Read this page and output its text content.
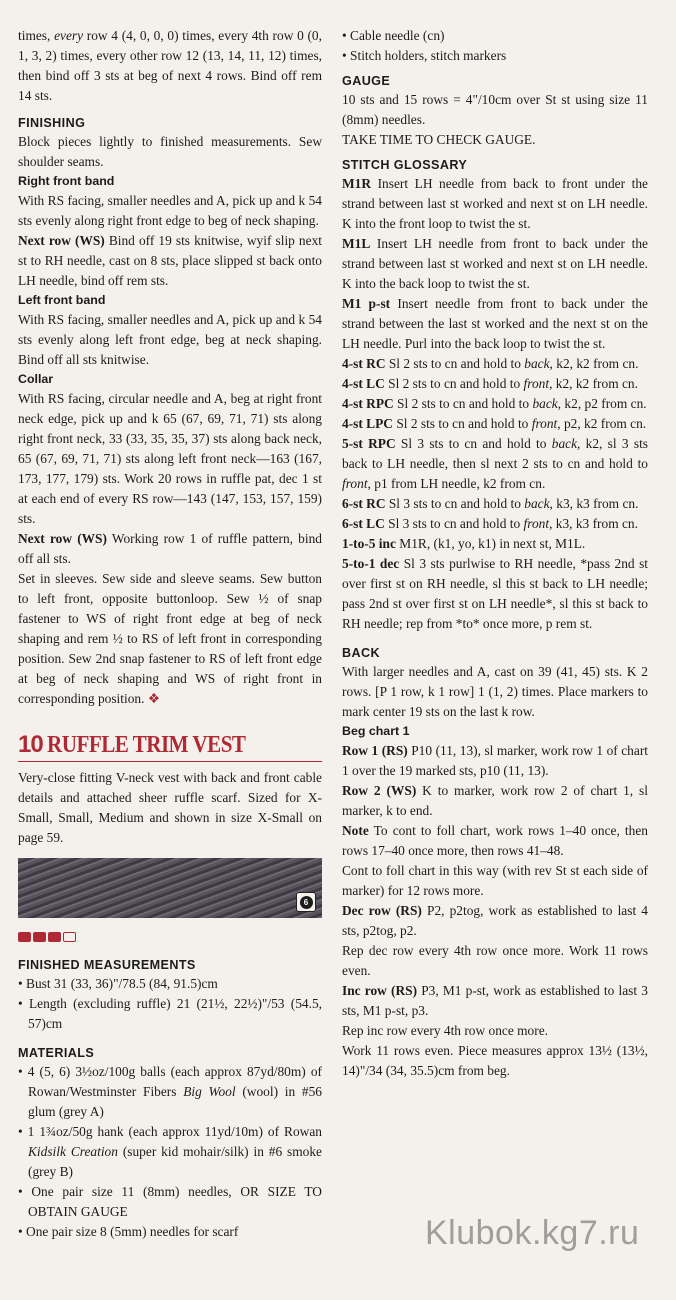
times, every row 4 (4, 0, 0, 0) times, every 4th row 0 (0, 1, 3, 2) times, every other row 12 (13, 14, 11, 12) times, then bind off 3 sts at beg of next 4 rows. Bind off rem 14 sts.

FINISHING

Block pieces lightly to finished measurements. Sew shoulder seams.

Right front band

With RS facing, smaller needles and A, pick up and k 54 sts evenly along right front edge to beg of neck shaping.

Next row (WS) Bind off 19 sts knitwise, wyif slip next st to RH needle, cast on 8 sts, place slipped st back onto LH needle, bind off rem sts.

Left front band

With RS facing, smaller needles and A, pick up and k 54 sts evenly along left front edge, beg at neck shaping. Bind off all sts knitwise.

Collar

With RS facing, circular needle and A, beg at right front neck edge, pick up and k 65 (67, 69, 71, 71) sts along right front neck, 33 (33, 35, 35, 37) sts along back neck, 65 (67, 69, 71, 71) sts along left front neck—163 (167, 173, 177, 179) sts. Work 20 rows in ruffle pat, dec 1 st at each end of every RS row—143 (147, 153, 157, 159) sts.

Next row (WS) Working row 1 of ruffle pattern, bind off all sts.

Set in sleeves. Sew side and sleeve seams. Sew button to left front, opposite buttonloop. Sew ½ of snap fastener to WS of right front edge at beg of neck shaping and rem ½ to RS of left front in corresponding position. Sew 2nd snap fastener to RS of left front edge at beg of neck shaping and WS of right front in corresponding position. ❖

10 RUFFLE TRIM VEST

Very-close fitting V-neck vest with back and front cable details and attached sheer ruffle scarf. Sized for X-Small, Small, Medium and shown in size X-Small on page 59.

6
FINISHED MEASUREMENTS

• Bust 31 (33, 36)"/78.5 (84, 91.5)cm

• Length (excluding ruffle) 21 (21½, 22½)"/53 (54.5, 57)cm

MATERIALS

• 4 (5, 6) 3½oz/100g balls (each approx 87yd/80m) of Rowan/Westminster Fibers Big Wool (wool) in #56 glum (grey A)

• 1 1¾oz/50g hank (each approx 11yd/10m) of Rowan Kidsilk Creation (super kid mohair/silk) in #6 smoke (grey B)

• One pair size 11 (8mm) needles, OR SIZE TO OBTAIN GAUGE

• One pair size 8 (5mm) needles for scarf

• Cable needle (cn)

• Stitch holders, stitch markers

GAUGE

10 sts and 15 rows = 4"/10cm over St st using size 11 (8mm) needles.

TAKE TIME TO CHECK GAUGE.

STITCH GLOSSARY

M1R Insert LH needle from back to front under the strand between last st worked and next st on LH needle. K into the front loop to twist the st.

M1L Insert LH needle from front to back under the strand between last st worked and next st on LH needle. K into the back loop to twist the st.

M1 p-st Insert needle from front to back under the strand between the last st worked and the next st on the LH needle. Purl into the back loop to twist the st.

4-st RC Sl 2 sts to cn and hold to back, k2, k2 from cn.

4-st LC Sl 2 sts to cn and hold to front, k2, k2 from cn.

4-st RPC Sl 2 sts to cn and hold to back, k2, p2 from cn.

4-st LPC Sl 2 sts to cn and hold to front, p2, k2 from cn.

5-st RPC Sl 3 sts to cn and hold to back, k2, sl 3 sts back to LH needle, then sl next 2 sts to cn and hold to front, p1 from LH needle, k2 from cn.

6-st RC Sl 3 sts to cn and hold to back, k3, k3 from cn.

6-st LC Sl 3 sts to cn and hold to front, k3, k3 from cn.

1-to-5 inc M1R, (k1, yo, k1) in next st, M1L.

5-to-1 dec Sl 3 sts purlwise to RH needle, *pass 2nd st over first st on RH needle, sl this st back to LH needle; pass 2nd st over first st on LH needle*, sl this st back to RH needle; rep from *to* once more, p rem st.

BACK

With larger needles and A, cast on 39 (41, 45) sts. K 2 rows. [P 1 row, k 1 row] 1 (1, 2) times. Place markers to mark center 19 sts on the last k row.

Beg chart 1

Row 1 (RS) P10 (11, 13), sl marker, work row 1 of chart 1 over the 19 marked sts, p10 (11, 13).

Row 2 (WS) K to marker, work row 2 of chart 1, sl marker, k to end.

Note To cont to foll chart, work rows 1–40 once, then rows 17–40 once more, then rows 41–48.

Cont to foll chart in this way (with rev St st each side of marker) for 12 rows more.

Dec row (RS) P2, p2tog, work as established to last 4 sts, p2tog, p2.

Rep dec row every 4th row once more. Work 11 rows even.

Inc row (RS) P3, M1 p-st, work as established to last 3 sts, M1 p-st, p3.

Rep inc row every 4th row once more.

Work 11 rows even. Piece measures approx 13½ (13½, 14)"/34 (34, 35.5)cm from beg.

Klubok.kg7.ru
